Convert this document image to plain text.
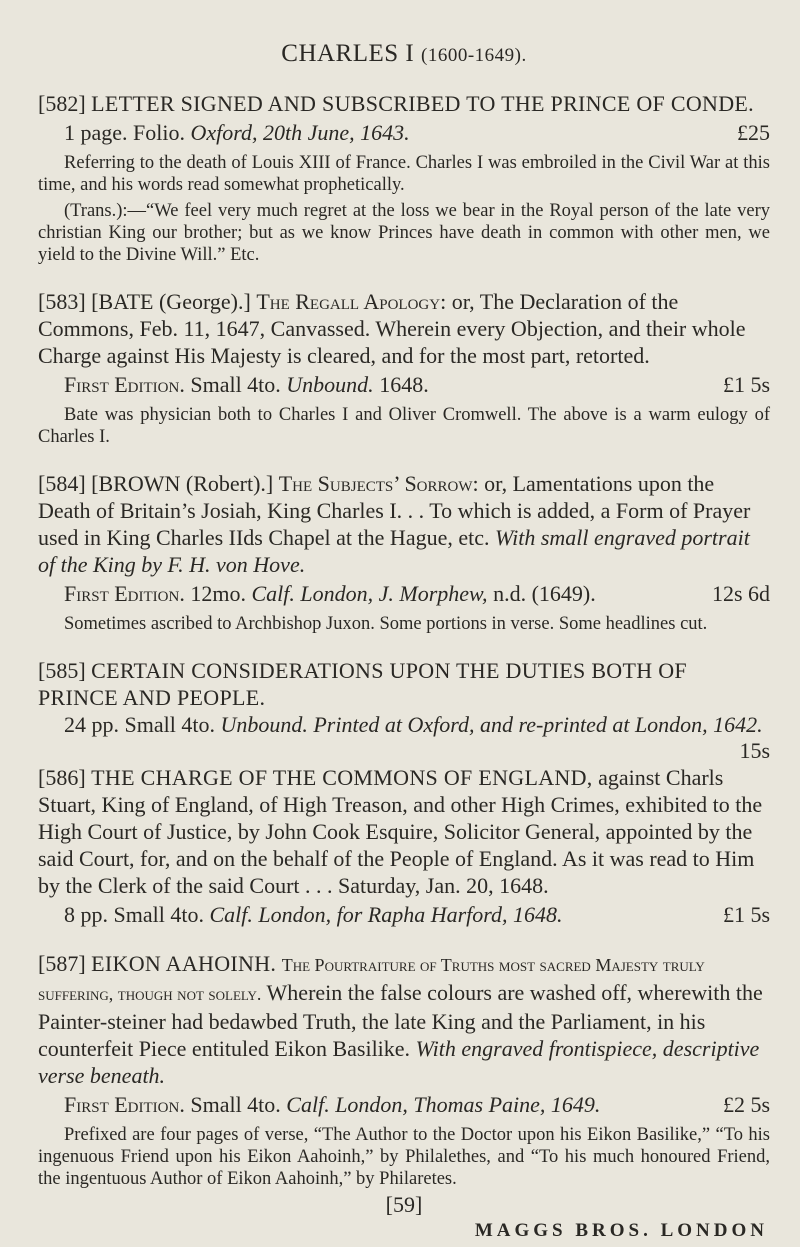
CHARLES I (1600-1649).

[582] LETTER SIGNED AND SUBSCRIBED TO THE PRINCE OF CONDE.

1 page. Folio. Oxford, 20th June, 1643.	£25

Referring to the death of Louis XIII of France. Charles I was embroiled in the Civil War at this time, and his words read somewhat prophetically.

(Trans.):—“We feel very much regret at the loss we bear in the Royal person of the late very christian King our brother; but as we know Princes have death in common with other men, we yield to the Divine Will.” Etc.

[583] [BATE (George).] The Regall Apology: or, The Declaration of the Commons, Feb. 11, 1647, Canvassed. Wherein every Objection, and their whole Charge against His Majesty is cleared, and for the most part, retorted.

First Edition. Small 4to. Unbound. 1648.	£1 5s

Bate was physician both to Charles I and Oliver Cromwell. The above is a warm eulogy of Charles I.

[584] [BROWN (Robert).] The Subjects’ Sorrow: or, Lamentations upon the Death of Britain’s Josiah, King Charles I. . . To which is added, a Form of Prayer used in King Charles IIds Chapel at the Hague, etc. With small engraved portrait of the King by F. H. von Hove.

First Edition. 12mo. Calf. London, J. Morphew, n.d. (1649).	12s 6d

Sometimes ascribed to Archbishop Juxon. Some portions in verse. Some headlines cut.

[585] CERTAIN CONSIDERATIONS UPON THE DUTIES BOTH OF PRINCE AND PEOPLE.

24 pp. Small 4to. Unbound. Printed at Oxford, and re-printed at London, 1642.

15s

[586] THE CHARGE OF THE COMMONS OF ENGLAND, against Charls Stuart, King of England, of High Treason, and other High Crimes, exhibited to the High Court of Justice, by John Cook Esquire, Solicitor General, appointed by the said Court, for, and on the behalf of the People of England. As it was read to Him by the Clerk of the said Court . . . Saturday, Jan. 20, 1648.

8 pp. Small 4to. Calf. London, for Rapha Harford, 1648.	£1 5s

[587] EIKON AAHOINH. The Pourtraiture of Truths most sacred Majesty truly suffering, though not solely. Wherein the false colours are washed off, wherewith the Painter-steiner had bedawbed Truth, the late King and the Parliament, in his counterfeit Piece entituled Eikon Basilike. With engraved frontispiece, descriptive verse beneath.

First Edition. Small 4to. Calf. London, Thomas Paine, 1649.	£2 5s

Prefixed are four pages of verse, “The Author to the Doctor upon his Eikon Basilike,” “To his ingenuous Friend upon his Eikon Aahoinh,” by Philalethes, and “To his much honoured Friend, the ingentuous Author of Eikon Aahoinh,” by Philaretes.

[59]
MAGGS BROS. LONDON
